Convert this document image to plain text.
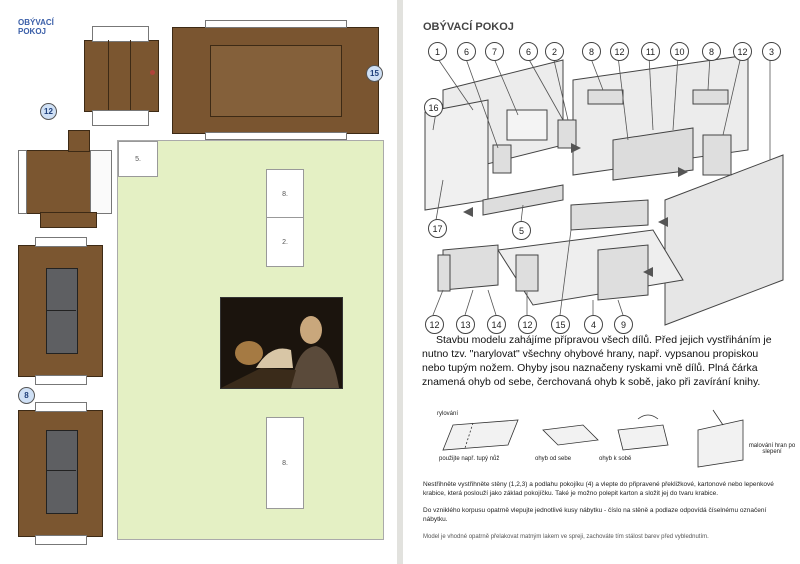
OBÝVACÍ POKOJ
15
12
8
5.
8.
2.
8.
OBÝVACÍ POKOJ
1	6	7	6	2	8	12	11	10	8	12	3
16
17	5
12	13	14	12	15	4	9
Stavbu modelu zahájíme přípravou všech dílů. Před jejich vystřiháním je nutno tzv. "narylovat" všechny ohybové hrany, např. vypsanou propiskou nebo tupým nožem. Ohyby jsou naznačeny ryskami vně dílů. Plná čárka znamená ohyb od sebe, čerchovaná ohyb k sobě, jako při zavírání knihy.
rylování
použijte např. tupý nůž	ohyb od sebe	ohyb k sobě
malování hran po slepení
Nestřihněte vystřihněte stěny (1,2,3) a podlahu pokojíku (4) a vlepte do připravené překližkové, kartonové nebo lepenkové krabice, která poslouží jako základ pokojíčku. Také je možno polepit karton a složit jej do tvaru krabice.
Do vzniklého korpusu opatrně vlepujte jednotlivé kusy nábytku - číslo na stěně a podlaze odpovídá číselnému označení nábytku.
Model je vhodné opatrně přelakovat matným lakem ve spreji, zachováte tím stálost barev před vyblednutím.
